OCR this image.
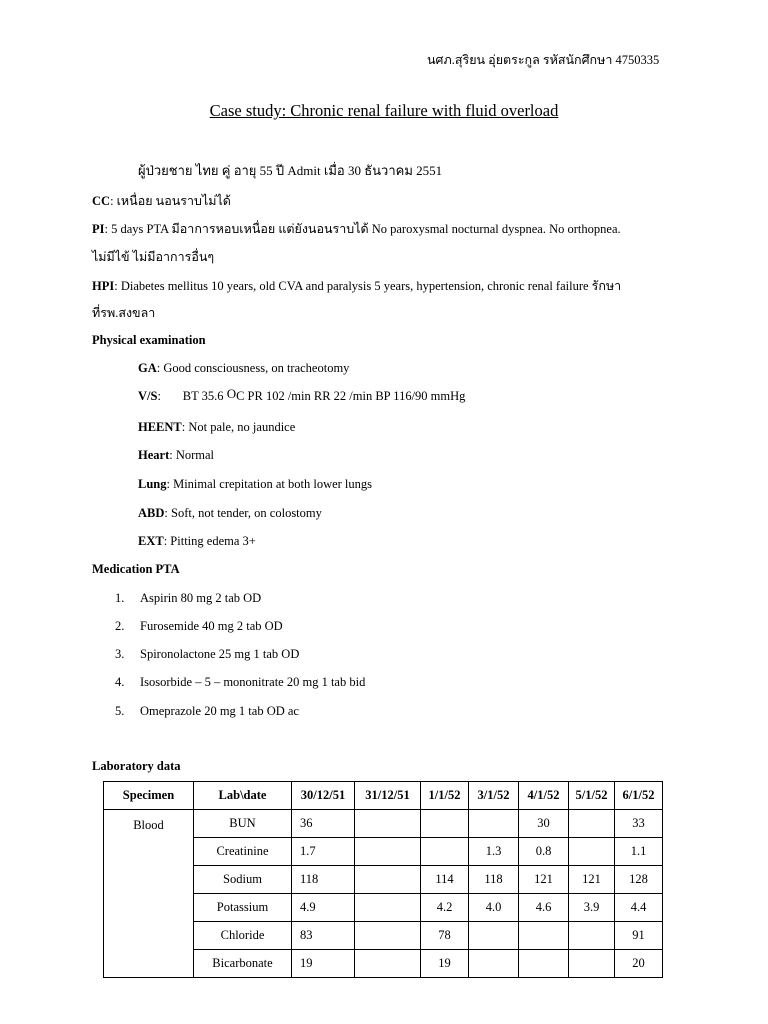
นศภ.สุริยน อุ่ยตระกูล รหัสนักศึกษา 4750335
Case study: Chronic renal failure with fluid overload
ผู้ป่วยชาย ไทย คู่ อายุ 55 ปี Admit เมื่อ 30 ธันวาคม 2551
CC: เหนื่อย นอนราบไม่ได้
PI: 5 days PTA มีอาการหอบเหนื่อย แต่ยังนอนราบได้ No paroxysmal nocturnal dyspnea. No orthopnea.
ไม่มีไข้ ไม่มีอาการอื่นๆ
HPI: Diabetes mellitus 10 years, old CVA and paralysis 5 years, hypertension, chronic renal failure รักษา
ที่รพ.สงขลา
Physical examination
GA: Good consciousness, on tracheotomy
V/S:       BT 35.6 $^O$C PR 102 /min RR 22 /min BP 116/90 mmHg
HEENT: Not pale, no jaundice
Heart: Normal
Lung: Minimal crepitation at both lower lungs
ABD: Soft, not tender, on colostomy
EXT: Pitting edema 3+
Medication PTA
1. Aspirin 80 mg 2 tab OD
2. Furosemide 40 mg 2 tab OD
3. Spironolactone 25 mg 1 tab OD
4. Isosorbide – 5 – mononitrate 20 mg 1 tab bid
5. Omeprazole 20 mg 1 tab OD ac
Laboratory data
Specimen	Lab\date	30/12/51	31/12/51	1/1/52	3/1/52	4/1/52	5/1/52	6/1/52
Blood	BUN	36				30		33
	Creatinine	1.7			1.3	0.8		1.1
	Sodium	118		114	118	121	121	128
	Potassium	4.9		4.2	4.0	4.6	3.9	4.4
	Chloride	83		78				91
	Bicarbonate	19		19				20
